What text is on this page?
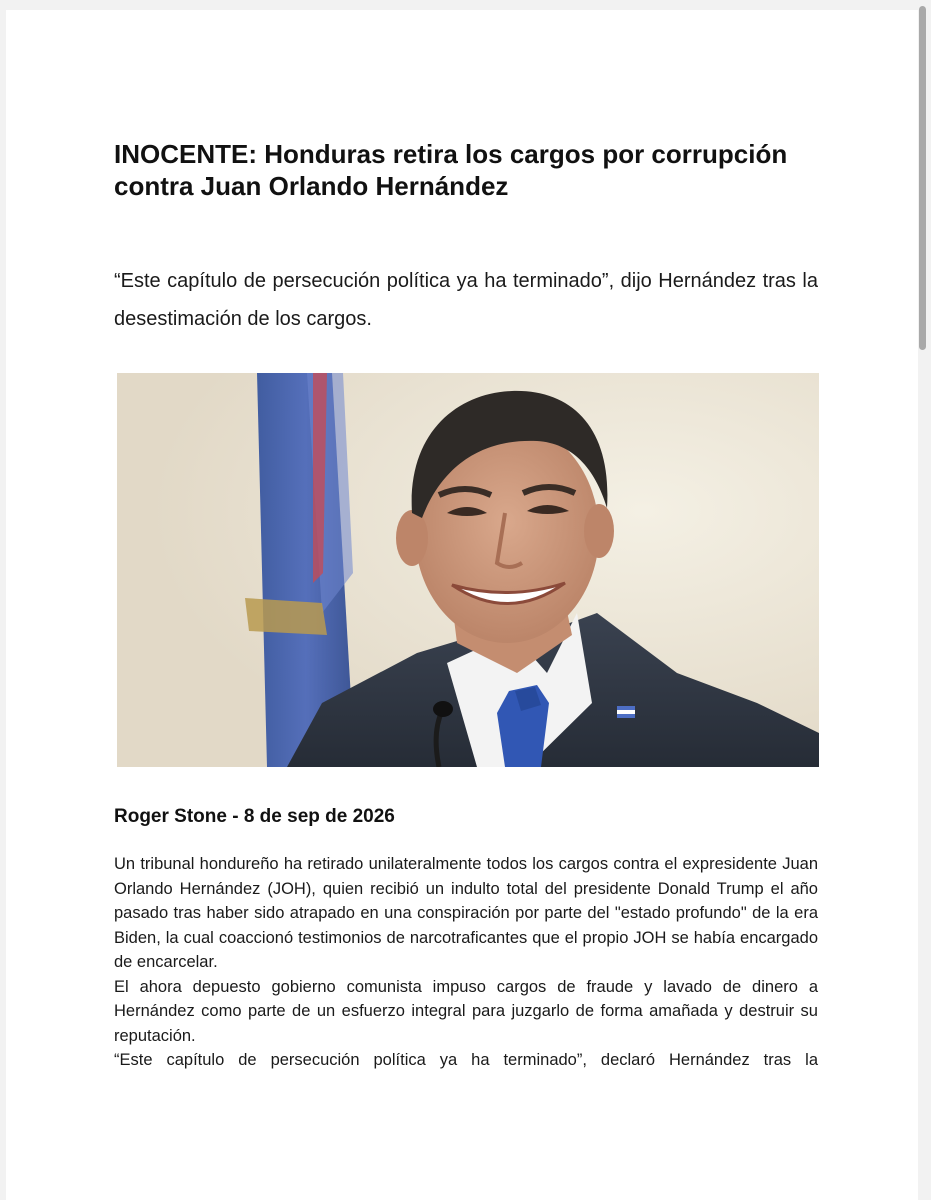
INOCENTE: Honduras retira los cargos por corrupción contra Juan Orlando Hernández

“Este capítulo de persecución política ya ha terminado”, dijo Hernández tras la desestimación de los cargos.

Roger Stone - 8 de sep de 2026

Un tribunal hondureño ha retirado unilateralmente todos los cargos contra el expresidente Juan Orlando Hernández (JOH), quien recibió un indulto total del presidente Donald Trump el año pasado tras haber sido atrapado en una conspiración por parte del "estado profundo" de la era Biden, la cual coaccionó testimonios de narcotraficantes que el propio JOH se había encargado de encarcelar.

El ahora depuesto gobierno comunista impuso cargos de fraude y lavado de dinero a Hernández como parte de un esfuerzo integral para juzgarlo de forma amañada y destruir su reputación.

“Este capítulo de persecución política ya ha terminado”, declaró Hernández tras la
